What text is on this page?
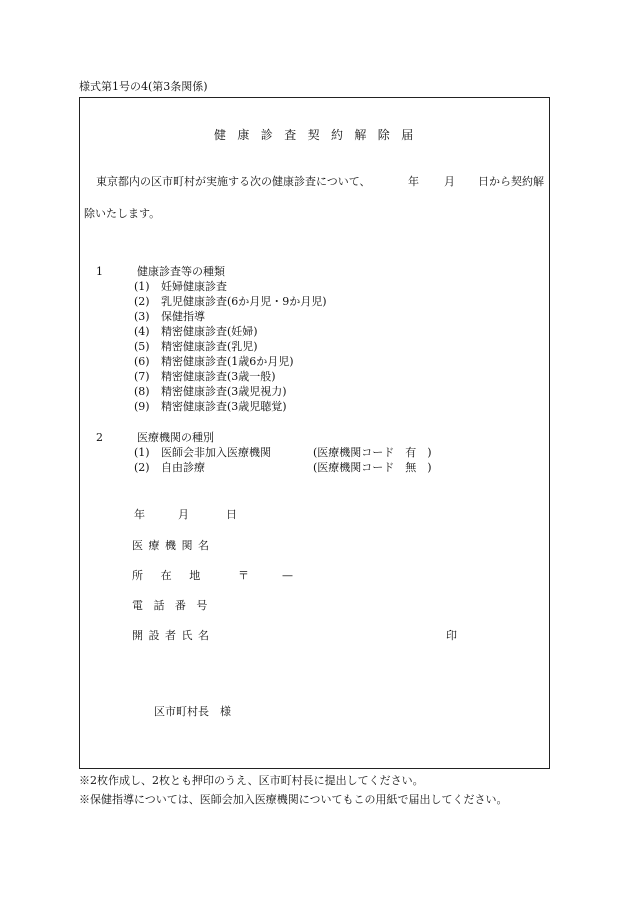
様式第1号の4(第3条関係)
健康診査契約解除届
東京都内の区市町村が実施する次の健康診査について、	年 月 日から契約解
除いたします。
1	健康診査等の種類
(1) 妊婦健康診査
(2) 乳児健康診査(6か月児・9か月児)
(3) 保健指導
(4) 精密健康診査(妊婦)
(5) 精密健康診査(乳児)
(6) 精密健康診査(1歳6か月児)
(7) 精密健康診査(3歳一般)
(8) 精密健康診査(3歳児視力)
(9) 精密健康診査(3歳児聴覚)
2	医療機関の種別
(1) 医師会非加入医療機関	(医療機関コード　有　)
(2) 自由診療	(医療機関コード　無　)
年	月	日
医療機関名
所在地 〒	—
電話番号
開設者氏名	印
区市町村長　様
※2枚作成し、2枚とも押印のうえ、区市町村長に提出してください。
※保健指導については、医師会加入医療機関についてもこの用紙で届出してください。
